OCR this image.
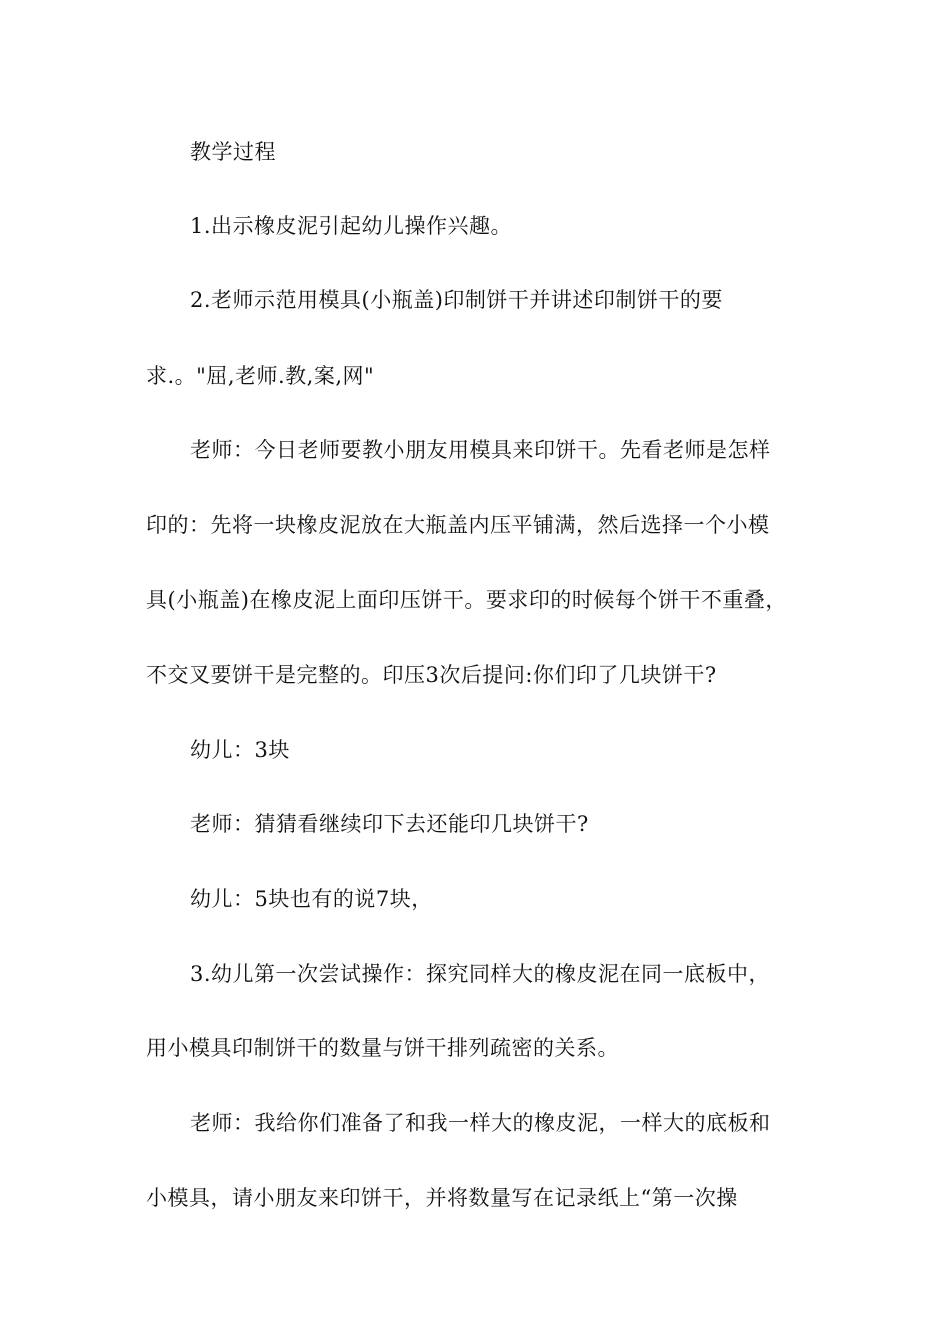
教学过程
1.出示橡皮泥引起幼儿操作兴趣。
2.老师示范用模具(小瓶盖)印制饼干并讲述印制饼干的要
求.。"屈,老师.教,案,网"
老师：今日老师要教小朋友用模具来印饼干。先看老师是怎样
印的：先将一块橡皮泥放在大瓶盖内压平铺满，然后选择一个小模
具(小瓶盖)在橡皮泥上面印压饼干。要求印的时候每个饼干不重叠，
不交叉要饼干是完整的。印压3次后提问:你们印了几块饼干?
幼儿：3块
老师：猜猜看继续印下去还能印几块饼干?
幼儿：5块也有的说7块，
3.幼儿第一次尝试操作：探究同样大的橡皮泥在同一底板中，
用小模具印制饼干的数量与饼干排列疏密的关系。
老师：我给你们准备了和我一样大的橡皮泥，一样大的底板和
小模具，请小朋友来印饼干，并将数量写在记录纸上“第一次操
